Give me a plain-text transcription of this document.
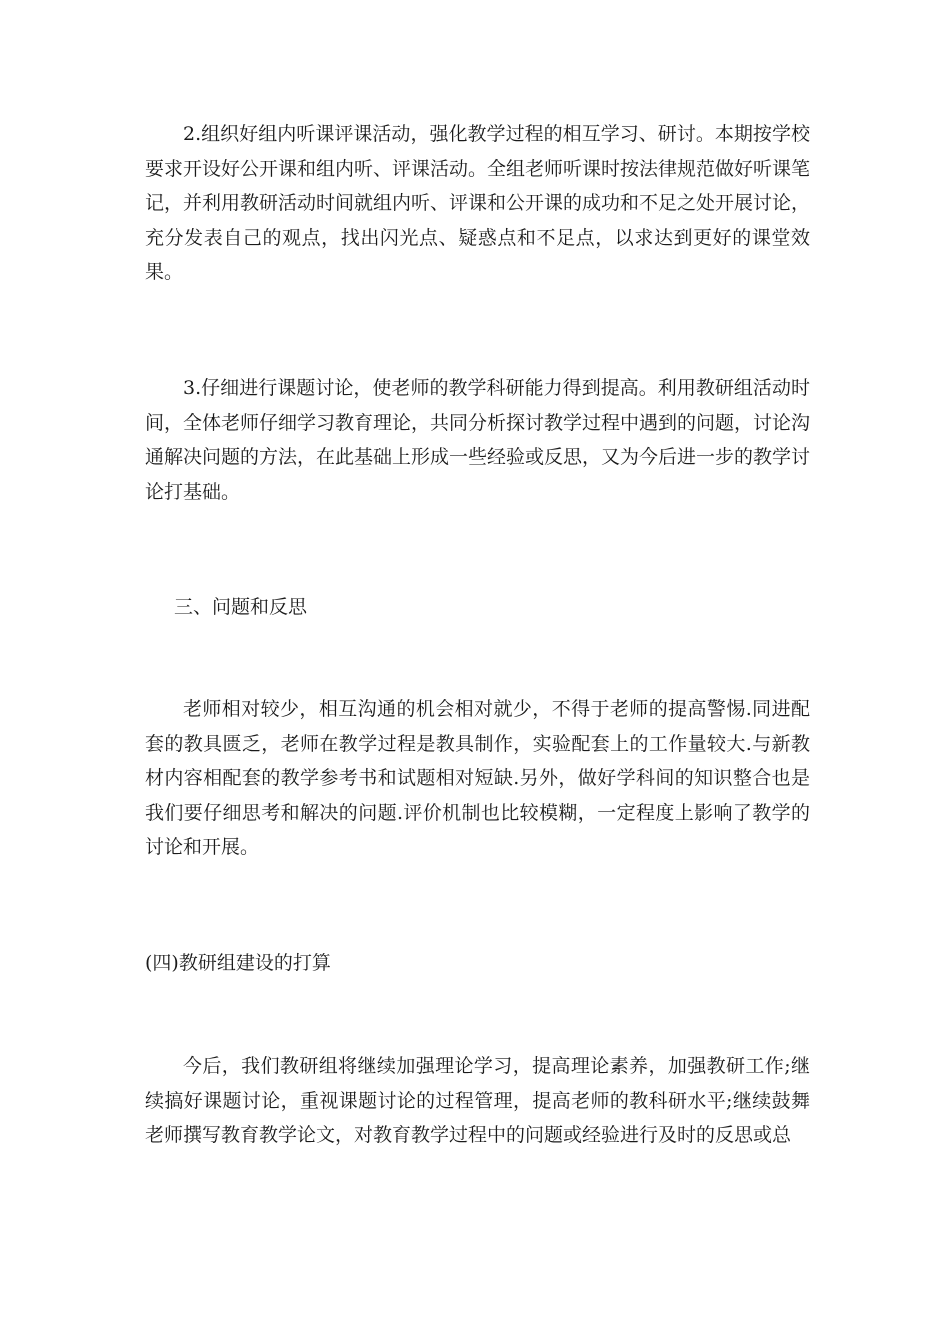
2.组织好组内听课评课活动，强化教学过程的相互学习、研讨。本期按学校要求开设好公开课和组内听、评课活动。全组老师听课时按法律规范做好听课笔记，并利用教研活动时间就组内听、评课和公开课的成功和不足之处开展讨论，充分发表自己的观点，找出闪光点、疑惑点和不足点，以求达到更好的课堂效果。

3.仔细进行课题讨论，使老师的教学科研能力得到提高。利用教研组活动时间，全体老师仔细学习教育理论，共同分析探讨教学过程中遇到的问题，讨论沟通解决问题的方法，在此基础上形成一些经验或反思，又为今后进一步的教学讨论打基础。

三、问题和反思

老师相对较少，相互沟通的机会相对就少，不得于老师的提高警惕.同进配套的教具匮乏，老师在教学过程是教具制作，实验配套上的工作量较大.与新教材内容相配套的教学参考书和试题相对短缺.另外，做好学科间的知识整合也是我们要仔细思考和解决的问题.评价机制也比较模糊，一定程度上影响了教学的讨论和开展。

(四)教研组建设的打算

今后，我们教研组将继续加强理论学习，提高理论素养，加强教研工作;继续搞好课题讨论，重视课题讨论的过程管理，提高老师的教科研水平;继续鼓舞老师撰写教育教学论文，对教育教学过程中的问题或经验进行及时的反思或总
